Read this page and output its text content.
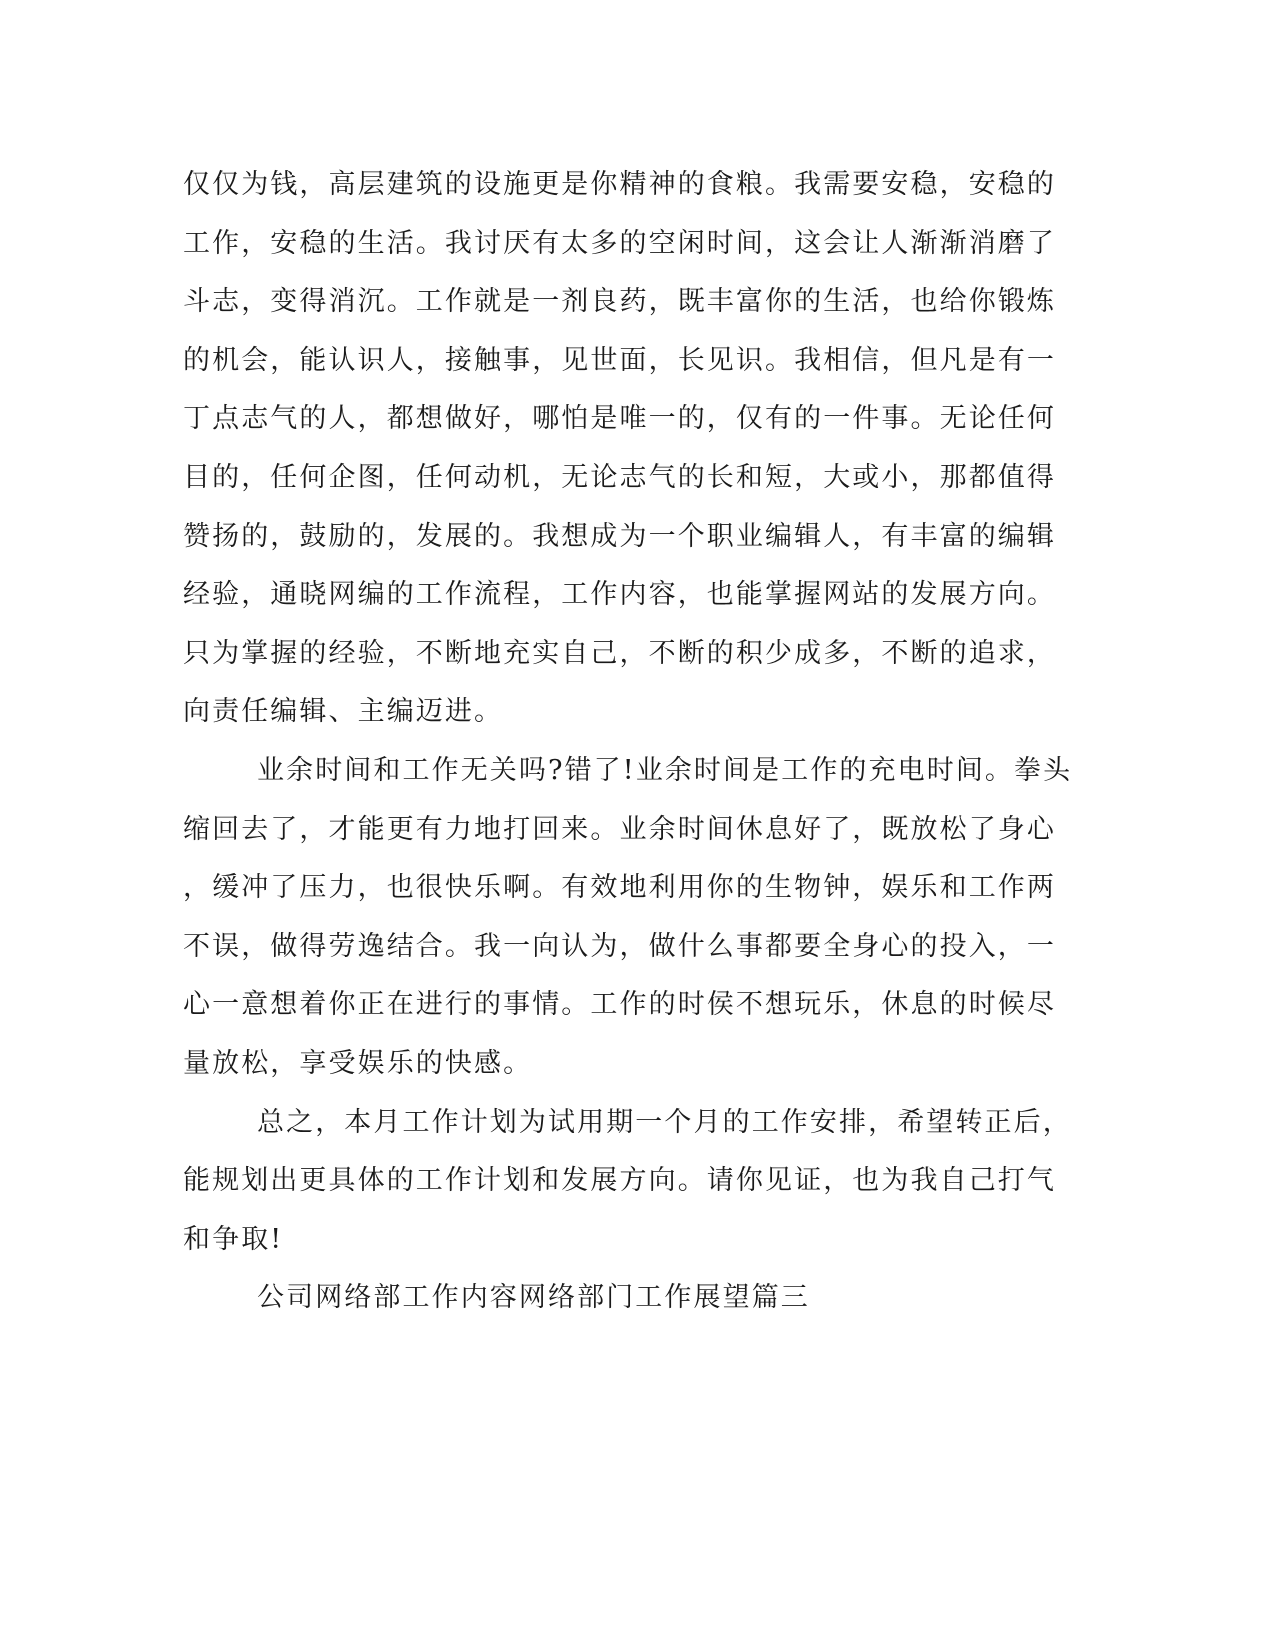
仅仅为钱，高层建筑的设施更是你精神的食粮。我需要安稳，安稳的
工作，安稳的生活。我讨厌有太多的空闲时间，这会让人渐渐消磨了
斗志，变得消沉。工作就是一剂良药，既丰富你的生活，也给你锻炼
的机会，能认识人，接触事，见世面，长见识。我相信，但凡是有一
丁点志气的人，都想做好，哪怕是唯一的，仅有的一件事。无论任何
目的，任何企图，任何动机，无论志气的长和短，大或小，那都值得
赞扬的，鼓励的，发展的。我想成为一个职业编辑人，有丰富的编辑
经验，通晓网编的工作流程，工作内容，也能掌握网站的发展方向。
只为掌握的经验，不断地充实自己，不断的积少成多，不断的追求，
向责任编辑、主编迈进。
业余时间和工作无关吗?错了!业余时间是工作的充电时间。拳头
缩回去了，才能更有力地打回来。业余时间休息好了，既放松了身心
，缓冲了压力，也很快乐啊。有效地利用你的生物钟，娱乐和工作两
不误，做得劳逸结合。我一向认为，做什么事都要全身心的投入，一
心一意想着你正在进行的事情。工作的时侯不想玩乐，休息的时候尽
量放松，享受娱乐的快感。
总之，本月工作计划为试用期一个月的工作安排，希望转正后，
能规划出更具体的工作计划和发展方向。请你见证，也为我自己打气
和争取!
公司网络部工作内容网络部门工作展望篇三
